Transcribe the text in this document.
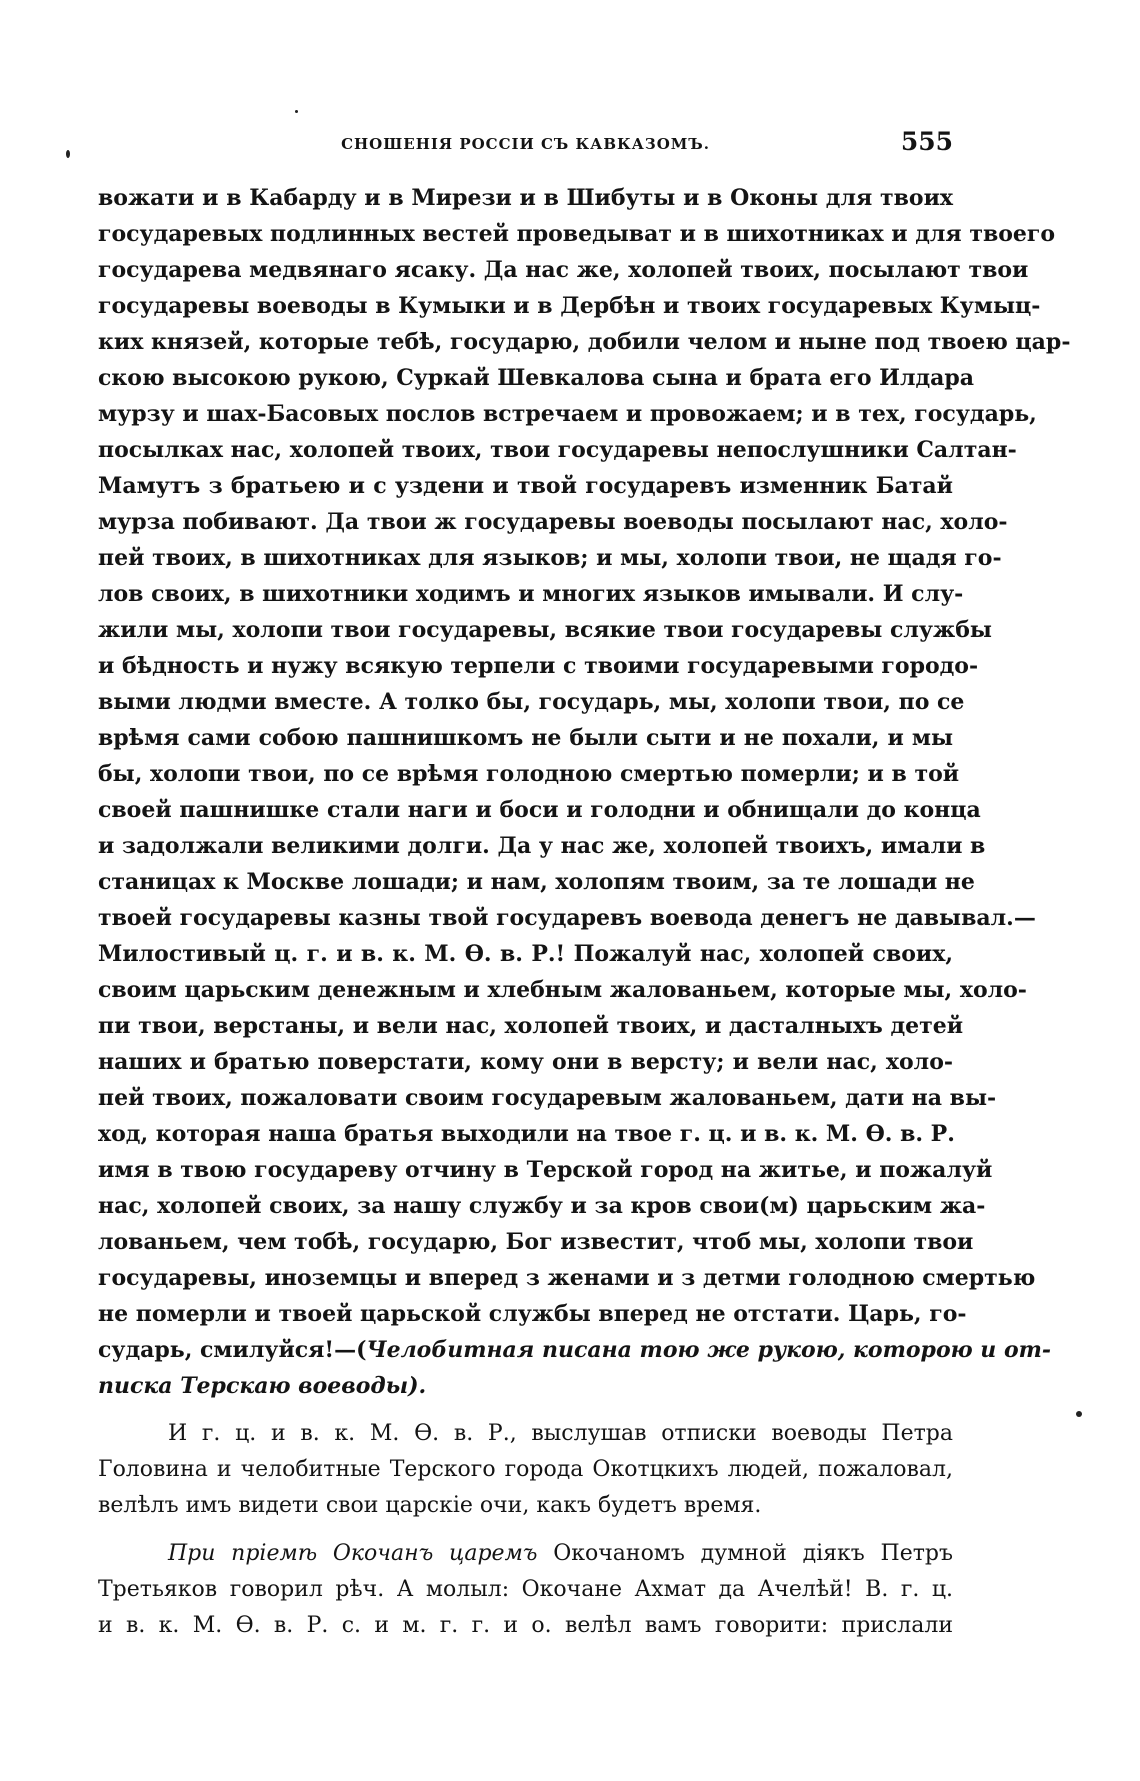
СНОШЕНІЯ РОССІИ СЪ КАВКАЗОМЪ.	555
вожати и в Кабарду и в Мирези и в Шибуты и в Оконы для твоих
государевых подлинных вестей проведыват и в шихотниках и для твоего
государева медвянаго ясаку. Да нас же, холопей твоих, посылают твои
государевы воеводы в Кумыки и в Дербѣн и твоих государевых Кумыц-
ких князей, которые тебѣ, государю, добили челом и ныне под твоею цар-
скою высокою рукою, Суркай Шевкалова сына и брата его Илдара
мурзу и шах-Басовых послов встречаем и провожаем; и в тех, государь,
посылках нас, холопей твоих, твои государевы непослушники Салтан-
Мамутъ з братьею и с уздени и твой государевъ изменник Батай
мурза побивают. Да твои ж государевы воеводы посылают нас, холо-
пей твоих, в шихотниках для языков; и мы, холопи твои, не щадя го-
лов своих, в шихотники ходимъ и многих языков имывали. И слу-
жили мы, холопи твои государевы, всякие твои государевы службы
и бѣдность и нужу всякую терпели с твоими государевыми городо-
выми людми вместе. А толко бы, государь, мы, холопи твои, по се
врѣмя сами собою пашнишкомъ не были сыти и не похали, и мы
бы, холопи твои, по се врѣмя голодною смертью померли; и в той
своей пашнишке стали наги и боси и голодни и обнищали до конца
и задолжали великими долги. Да у нас же, холопей твоихъ, имали в
станицах к Москве лошади; и нам, холопям твоим, за те лошади не
твоей государевы казны твой государевъ воевода денегъ не давывал.—
Милостивый ц. г. и в. к. М. Ѳ. в. Р.! Пожалуй нас, холопей своих,
своим царьским денежным и хлебным жалованьем, которые мы, холо-
пи твои, верстаны, и вели нас, холопей твоих, и дасталныхъ детей
наших и братью поверстати, кому они в версту; и вели нас, холо-
пей твоих, пожаловати своим государевым жалованьем, дати на вы-
ход, которая наша братья выходили на твое г. ц. и в. к. М. Ѳ. в. Р.
имя в твою государеву отчину в Терской город на житье, и пожалуй
нас, холопей своих, за нашу службу и за кров свои(м) царьским жа-
лованьем, чем тобѣ, государю, Бог известит, чтоб мы, холопи твои
государевы, иноземцы и вперед з женами и з детми голодною смертью
не померли и твоей царьской службы вперед не отстати. Царь, го-
сударь, смилуйся!—(Челобитная писана тою же рукою, которою и от-
писка Терскаю воеводы).
И г. ц. и в. к. М. Ѳ. в. Р., выслушав отписки воеводы Петра
Головина и челобитные Терского города Окотцкихъ людей, пожаловал,
велѣлъ имъ видети свои царскіе очи, какъ будетъ время.
При пріемѣ Окочанъ царемъ Окочаномъ думной діякъ Петръ
Третьяков говорил рѣч. А молыл: Окочане Ахмат да Ачелѣй! В. г. ц.
и в. к. М. Ѳ. в. Р. с. и м. г. г. и о. велѣл вамъ говорити: прислали
